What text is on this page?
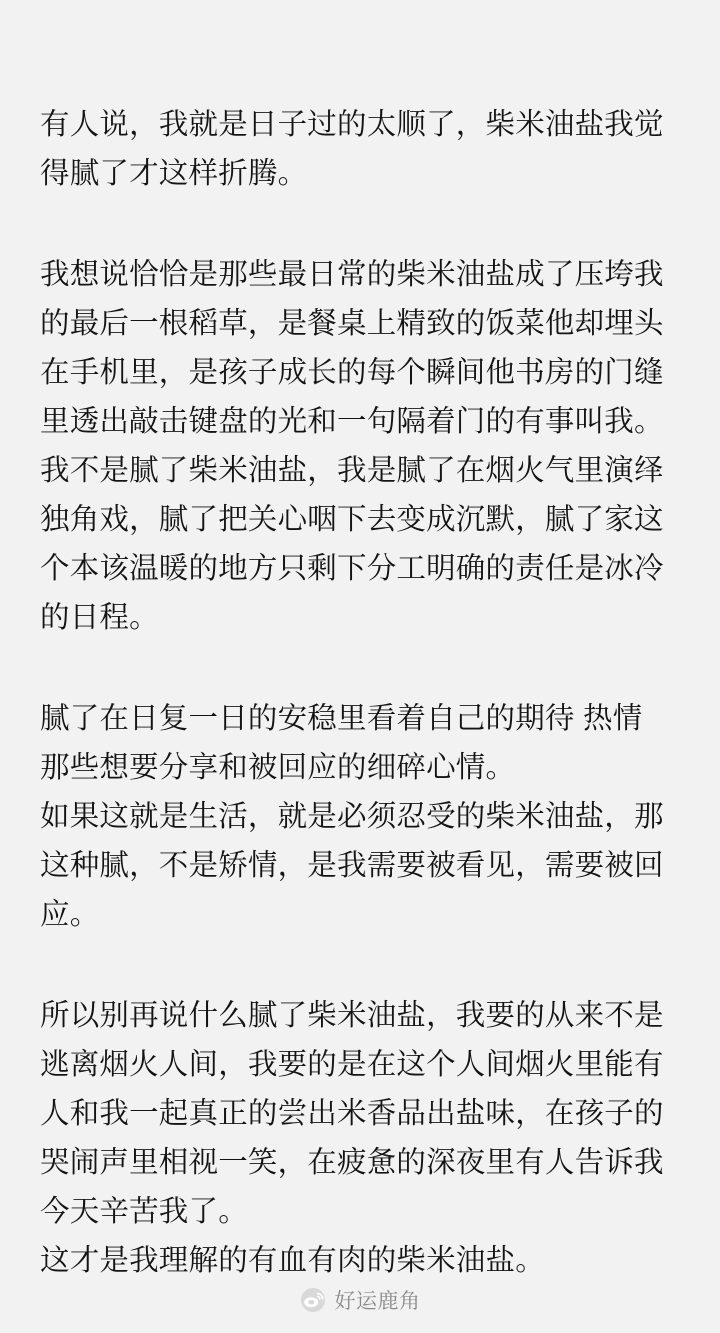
有人说，我就是日子过的太顺了，柴米油盐我觉得腻了才这样折腾。

我想说恰恰是那些最日常的柴米油盐成了压垮我的最后一根稻草，是餐桌上精致的饭菜他却埋头在手机里，是孩子成长的每个瞬间他书房的门缝里透出敲击键盘的光和一句隔着门的有事叫我。

我不是腻了柴米油盐，我是腻了在烟火气里演绎独角戏，腻了把关心咽下去变成沉默，腻了家这个本该温暖的地方只剩下分工明确的责任是冰冷的日程。

腻了在日复一日的安稳里看着自己的期待 热情 那些想要分享和被回应的细碎心情。

如果这就是生活，就是必须忍受的柴米油盐，那这种腻，不是矫情，是我需要被看见，需要被回应。

所以别再说什么腻了柴米油盐，我要的从来不是逃离烟火人间，我要的是在这个人间烟火里能有人和我一起真正的尝出米香品出盐味，在孩子的哭闹声里相视一笑，在疲惫的深夜里有人告诉我今天辛苦我了。

这才是我理解的有血有肉的柴米油盐。

好运鹿角
